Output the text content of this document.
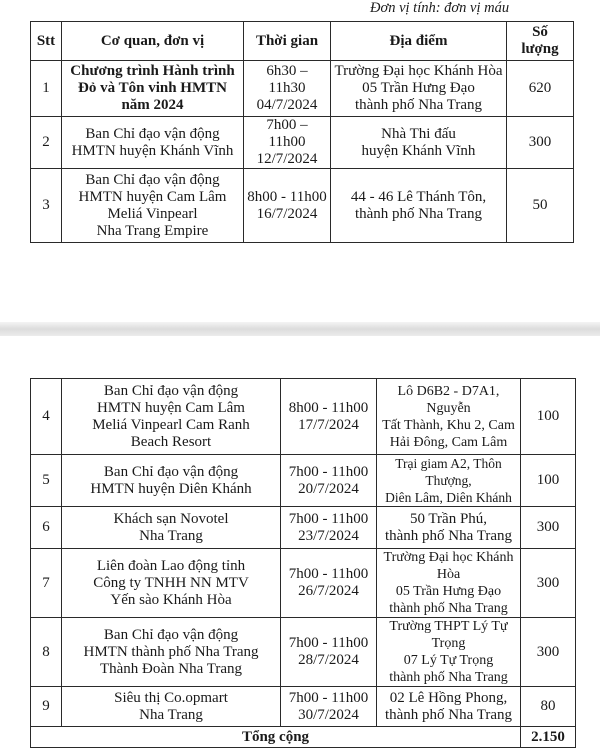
Đơn vị tính: đơn vị máu
Stt	Cơ quan, đơn vị	Thời gian	Địa điểm	Số
lượng
1	Chương trình Hành trình
Đỏ và Tôn vinh HMTN
năm 2024	6h30 – 11h30
04/7/2024	Trường Đại học Khánh Hòa
05 Trần Hưng Đạo
thành phố Nha Trang	620
2	Ban Chỉ đạo vận động
HMTN huyện Khánh Vĩnh	7h00 – 11h00
12/7/2024	Nhà Thi đấu
huyện Khánh Vĩnh	300
3	Ban Chỉ đạo vận động
HMTN huyện Cam Lâm
Meliá Vinpearl
Nha Trang Empire	8h00 - 11h00
16/7/2024	44 - 46 Lê Thánh Tôn,
thành phố Nha Trang	50
4	Ban Chỉ đạo vận động
HMTN huyện Cam Lâm
Meliá Vinpearl Cam Ranh
Beach Resort	8h00 - 11h00
17/7/2024	Lô D6B2 - D7A1, Nguyễn
Tất Thành, Khu 2, Cam
Hải Đông, Cam Lâm	100
5	Ban Chỉ đạo vận động
HMTN huyện Diên Khánh	7h00 - 11h00
20/7/2024	Trại giam A2, Thôn Thượng,
Diên Lâm, Diên Khánh	100
6	Khách sạn Novotel
Nha Trang	7h00 - 11h00
23/7/2024	50 Trần Phú,
thành phố Nha Trang	300
7	Liên đoàn Lao động tỉnh
Công ty TNHH NN MTV
Yến sào Khánh Hòa	7h00 - 11h00
26/7/2024	Trường Đại học Khánh Hòa
05 Trần Hưng Đạo
thành phố Nha Trang	300
8	Ban Chỉ đạo vận động
HMTN thành phố Nha Trang
Thành Đoàn Nha Trang	7h00 - 11h00
28/7/2024	Trường THPT Lý Tự Trọng
07 Lý Tự Trọng
thành phố Nha Trang	300
9	Siêu thị Co.opmart
Nha Trang	7h00 - 11h00
30/7/2024	02 Lê Hồng Phong,
thành phố Nha Trang	80
Tổng cộng				2.150
